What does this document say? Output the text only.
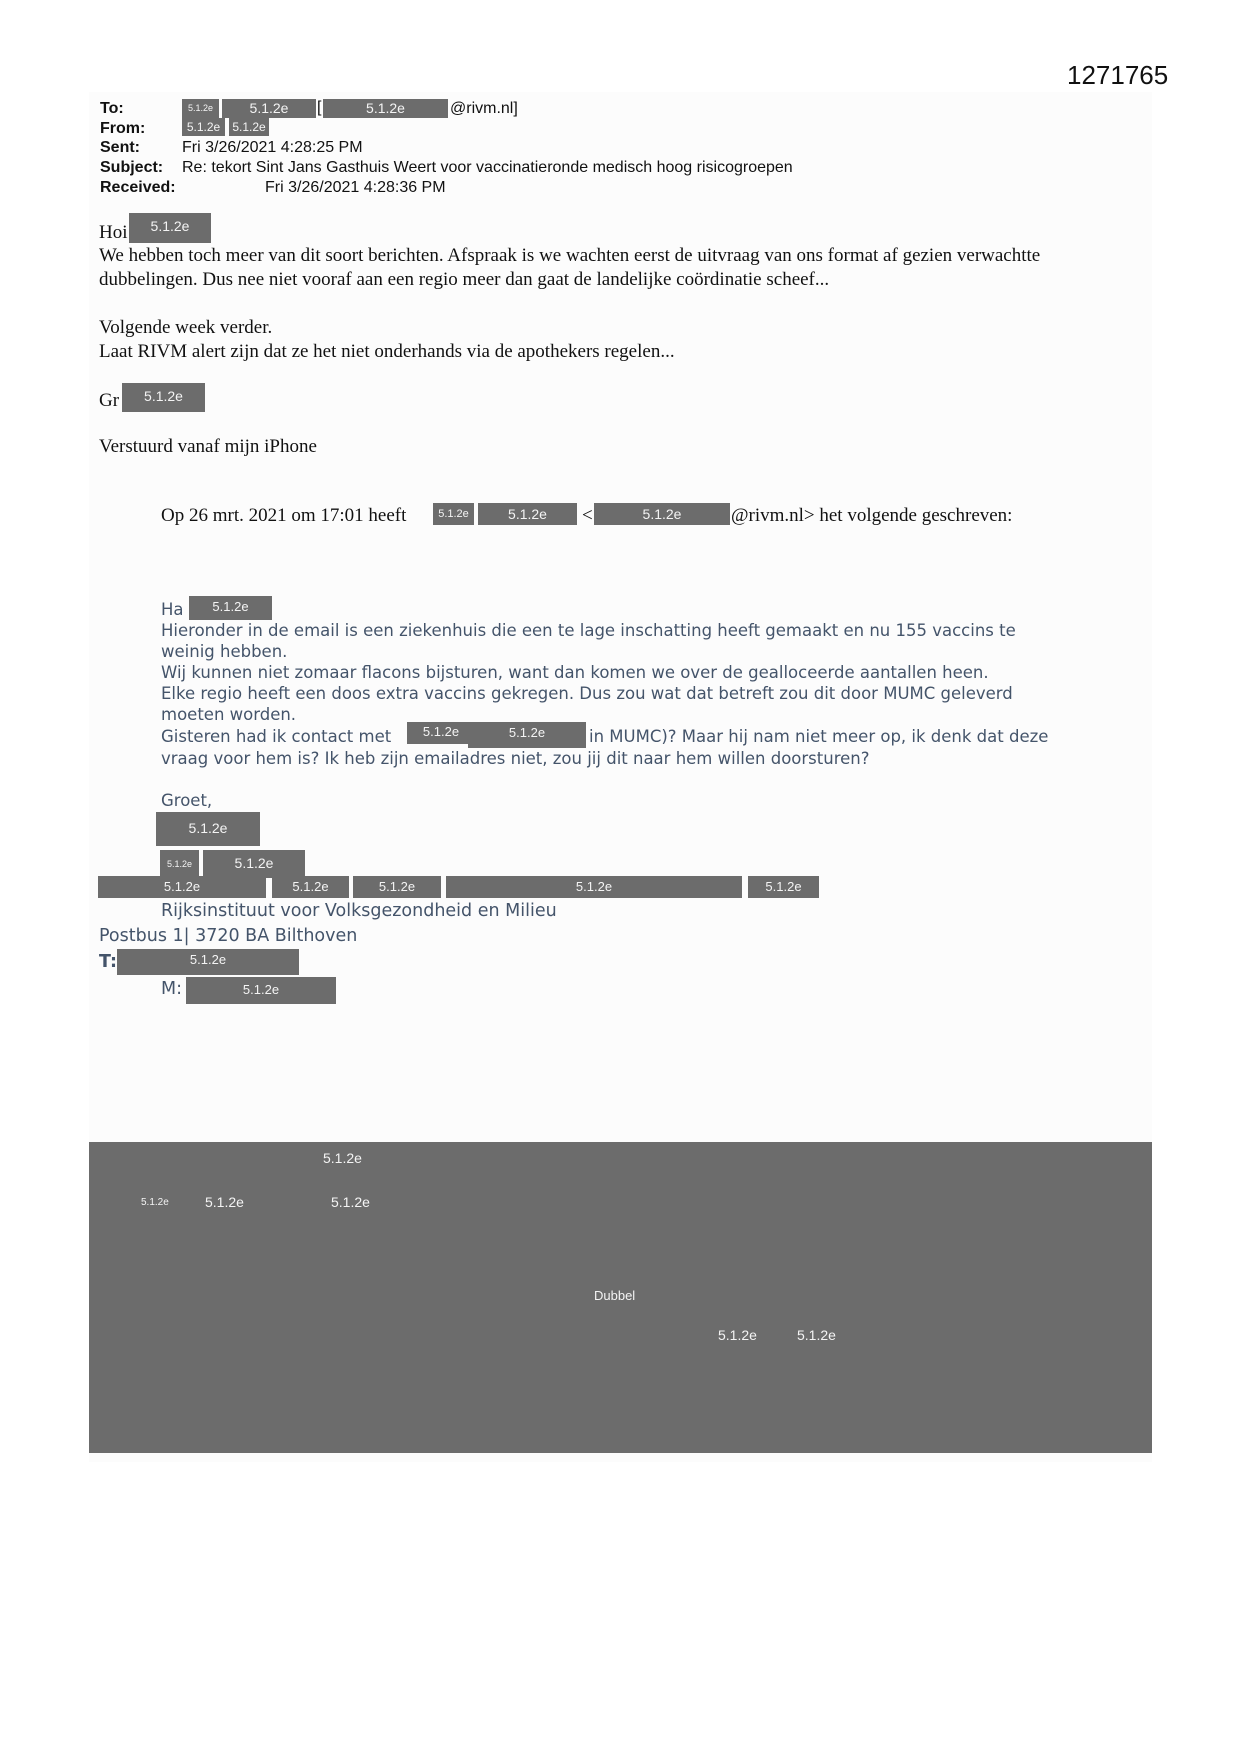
1271765
To:	5.1.2e	5.1.2e	[	5.1.2e	@rivm.nl]
From:	5.1.2e	5.1.2e
Sent:	Fri 3/26/2021 4:28:25 PM
Subject: Re: tekort Sint Jans Gasthuis Weert voor vaccinatieronde medisch hoog risicogroepen
Received:	Fri 3/26/2021 4:28:36 PM
Hoi	5.1.2e
We hebben toch meer van dit soort berichten. Afspraak is we wachten eerst de uitvraag van ons format af gezien verwachtte
dubbelingen. Dus nee niet vooraf aan een regio meer dan gaat de landelijke coördinatie scheef...
Volgende week verder.
Laat RIVM alert zijn dat ze het niet onderhands via de apothekers regelen...
Gr	5.1.2e
Verstuurd vanaf mijn iPhone
Op 26 mrt. 2021 om 17:01 heeft	5.1.2e	5.1.2e	<	5.1.2e	@rivm.nl> het volgende geschreven:
Ha	5.1.2e
Hieronder in de email is een ziekenhuis die een te lage inschatting heeft gemaakt en nu 155 vaccins te
weinig hebben.
Wij kunnen niet zomaar flacons bijsturen, want dan komen we over de gealloceerde aantallen heen.
Elke regio heeft een doos extra vaccins gekregen. Dus zou wat dat betreft zou dit door MUMC geleverd
moeten worden.
Gisteren had ik contact met	5.1.2e	5.1.2e	in MUMC)? Maar hij nam niet meer op, ik denk dat deze
vraag voor hem is? Ik heb zijn emailadres niet, zou jij dit naar hem willen doorsturen?
Groet,
5.1.2e
5.1.2e	5.1.2e
5.1.2e	5.1.2e	5.1.2e	5.1.2e	5.1.2e
Rijksinstituut voor Volksgezondheid en Milieu
Postbus 1| 3720 BA Bilthoven
T:	5.1.2e
M:	5.1.2e
5.1.2e
5.1.2e	5.1.2e	5.1.2e
Dubbel
5.1.2e	5.1.2e
